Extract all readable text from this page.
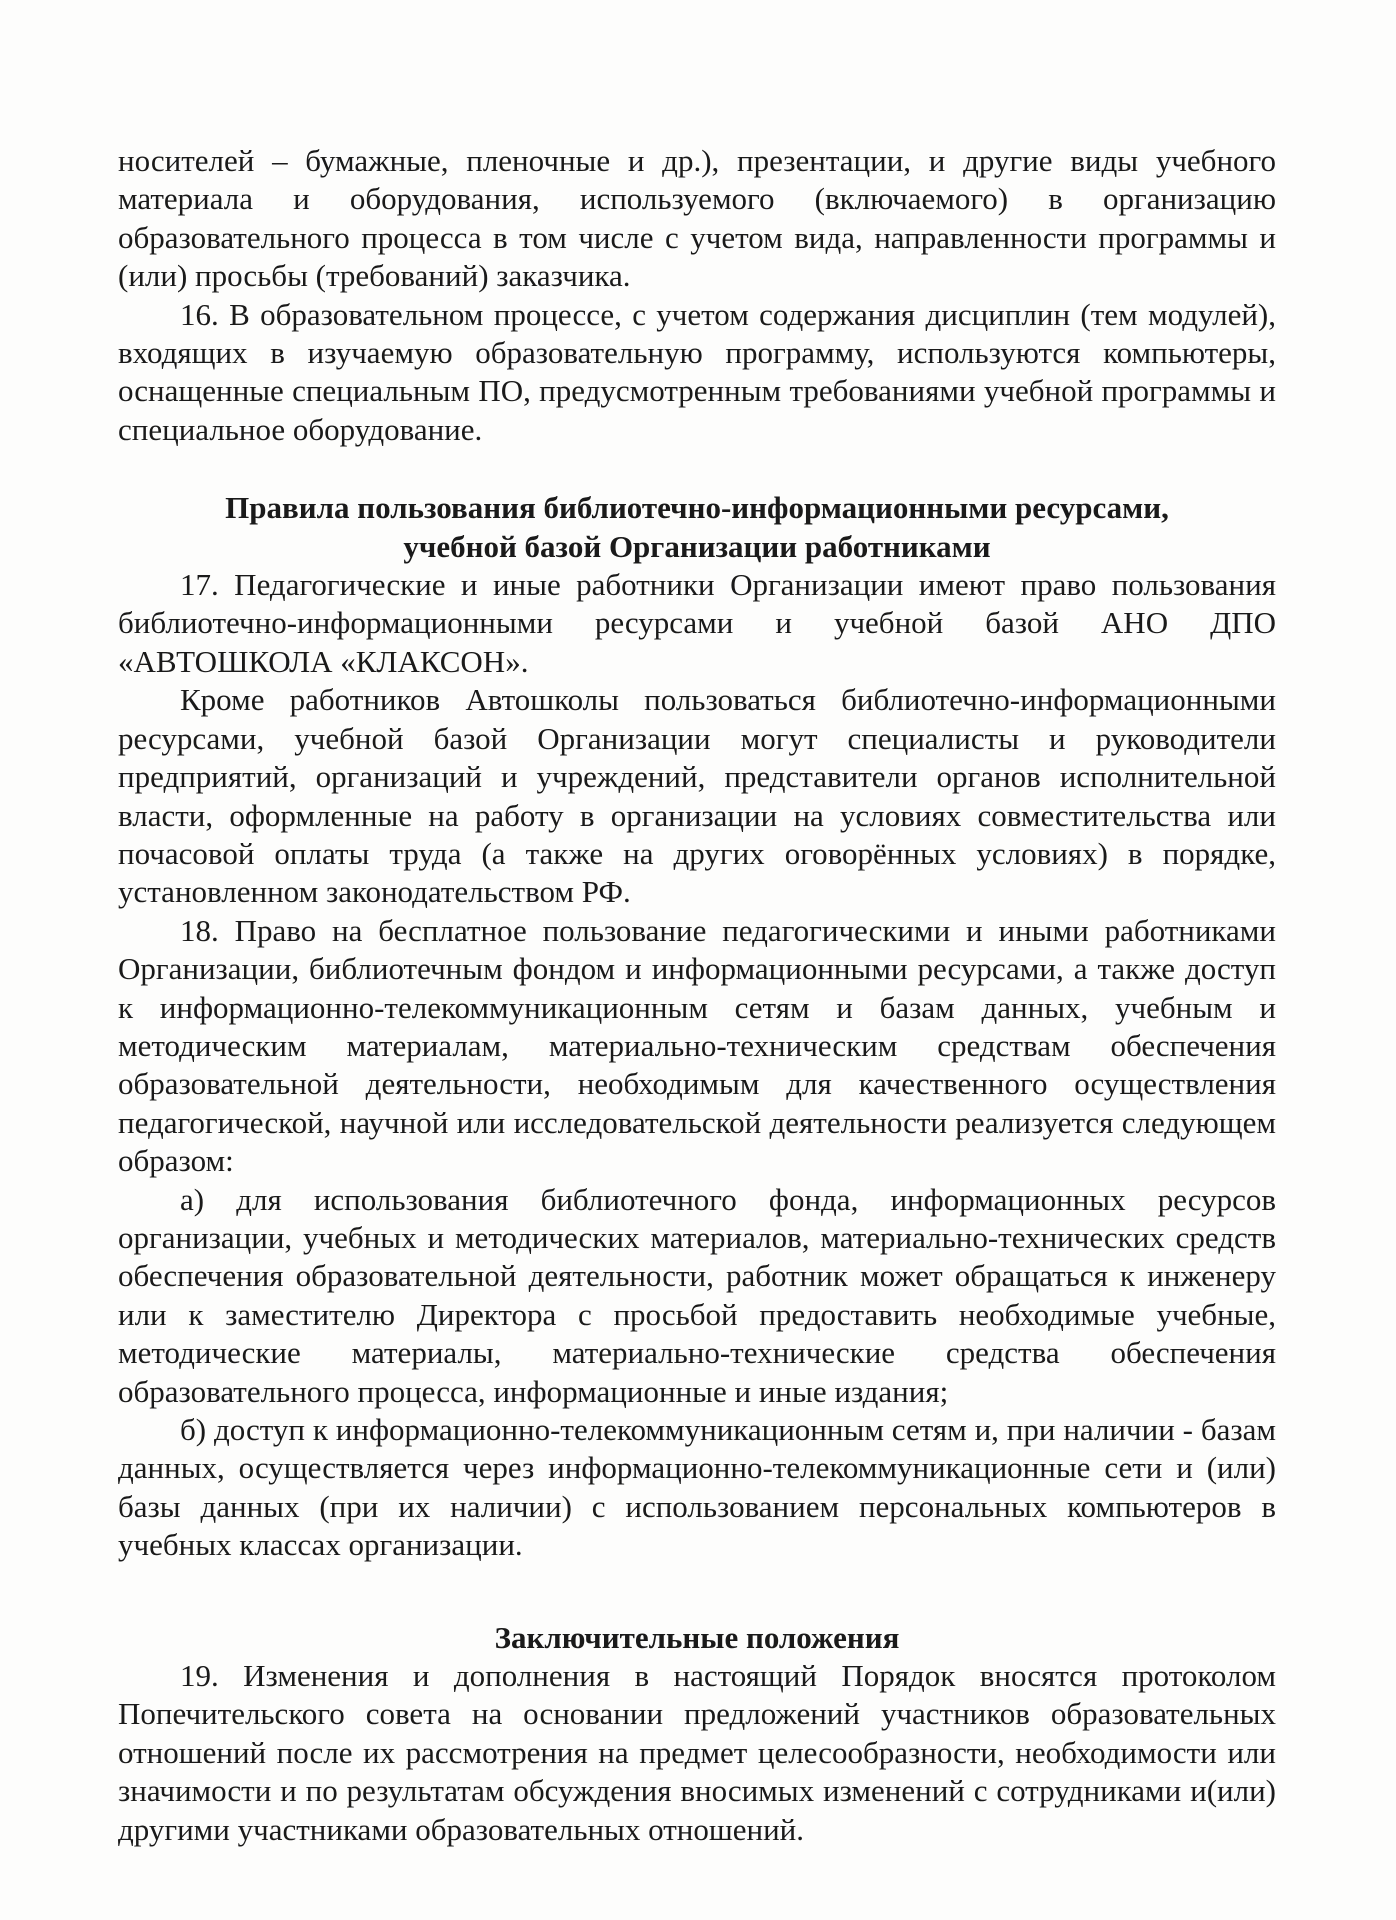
носителей – бумажные, пленочные и др.), презентации, и другие виды учебного материала и оборудования, используемого (включаемого) в организацию образовательного процесса в том числе с учетом вида, направленности программы и (или) просьбы (требований) заказчика.

16. В образовательном процессе, с учетом содержания дисциплин (тем модулей), входящих в изучаемую образовательную программу, используются компьютеры, оснащенные специальным ПО, предусмотренным требованиями учебной программы и специальное оборудование.

Правила пользования библиотечно-информационными ресурсами,
учебной базой Организации работниками

17. Педагогические и иные работники Организации имеют право пользования библиотечно-информационными ресурсами и учебной базой АНО ДПО «АВТОШКОЛА «КЛАКСОН».

Кроме работников Автошколы пользоваться библиотечно-информационными ресурсами, учебной базой Организации могут специалисты и руководители предприятий, организаций и учреждений, представители органов исполнительной власти, оформленные на работу в организации на условиях совместительства или почасовой оплаты труда (а также на других оговорённых условиях) в порядке, установленном законодательством РФ.

18. Право на бесплатное пользование педагогическими и иными работниками Организации, библиотечным фондом и информационными ресурсами, а также доступ к информационно-телекоммуникационным сетям и базам данных, учебным и методическим материалам, материально-техническим средствам обеспечения образовательной деятельности, необходимым для качественного осуществления педагогической, научной или исследовательской деятельности реализуется следующем образом:

а) для использования библиотечного фонда, информационных ресурсов организации, учебных и методических материалов, материально-технических средств обеспечения образовательной деятельности, работник может обращаться к инженеру или к заместителю Директора с просьбой предоставить необходимые учебные, методические материалы, материально-технические средства обеспечения образовательного процесса, информационные и иные издания;

б) доступ к информационно-телекоммуникационным сетям и, при наличии - базам данных, осуществляется через информационно-телекоммуникационные сети и (или) базы данных (при их наличии) с использованием персональных компьютеров в учебных классах организации.

Заключительные положения

19. Изменения и дополнения в настоящий Порядок вносятся протоколом Попечительского совета на основании предложений участников образовательных отношений после их рассмотрения на предмет целесообразности, необходимости или значимости и по результатам обсуждения вносимых изменений с сотрудниками и(или) другими участниками образовательных отношений.
